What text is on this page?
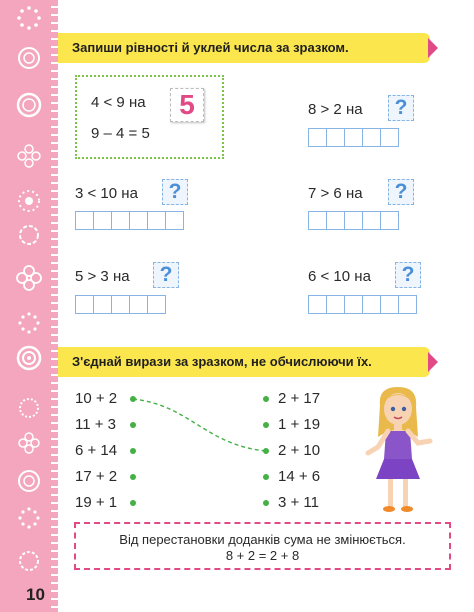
10
Запиши рівності й уклей числа за зразком.
4 < 9 на	5
9 – 4 = 5
8 > 2 на	?
3 < 10 на	?	7 > 6 на	?
5 > 3 на	?	6 < 10 на	?
З'єднай вирази за зразком, не обчислюючи їх.
10 + 2
11 + 3
6 + 14
17 + 2
19 + 1
2 + 17
1 + 19
2 + 10
14 + 6
3 + 11
Від перестановки доданків сума не змінюється.
8 + 2 = 2 + 8
